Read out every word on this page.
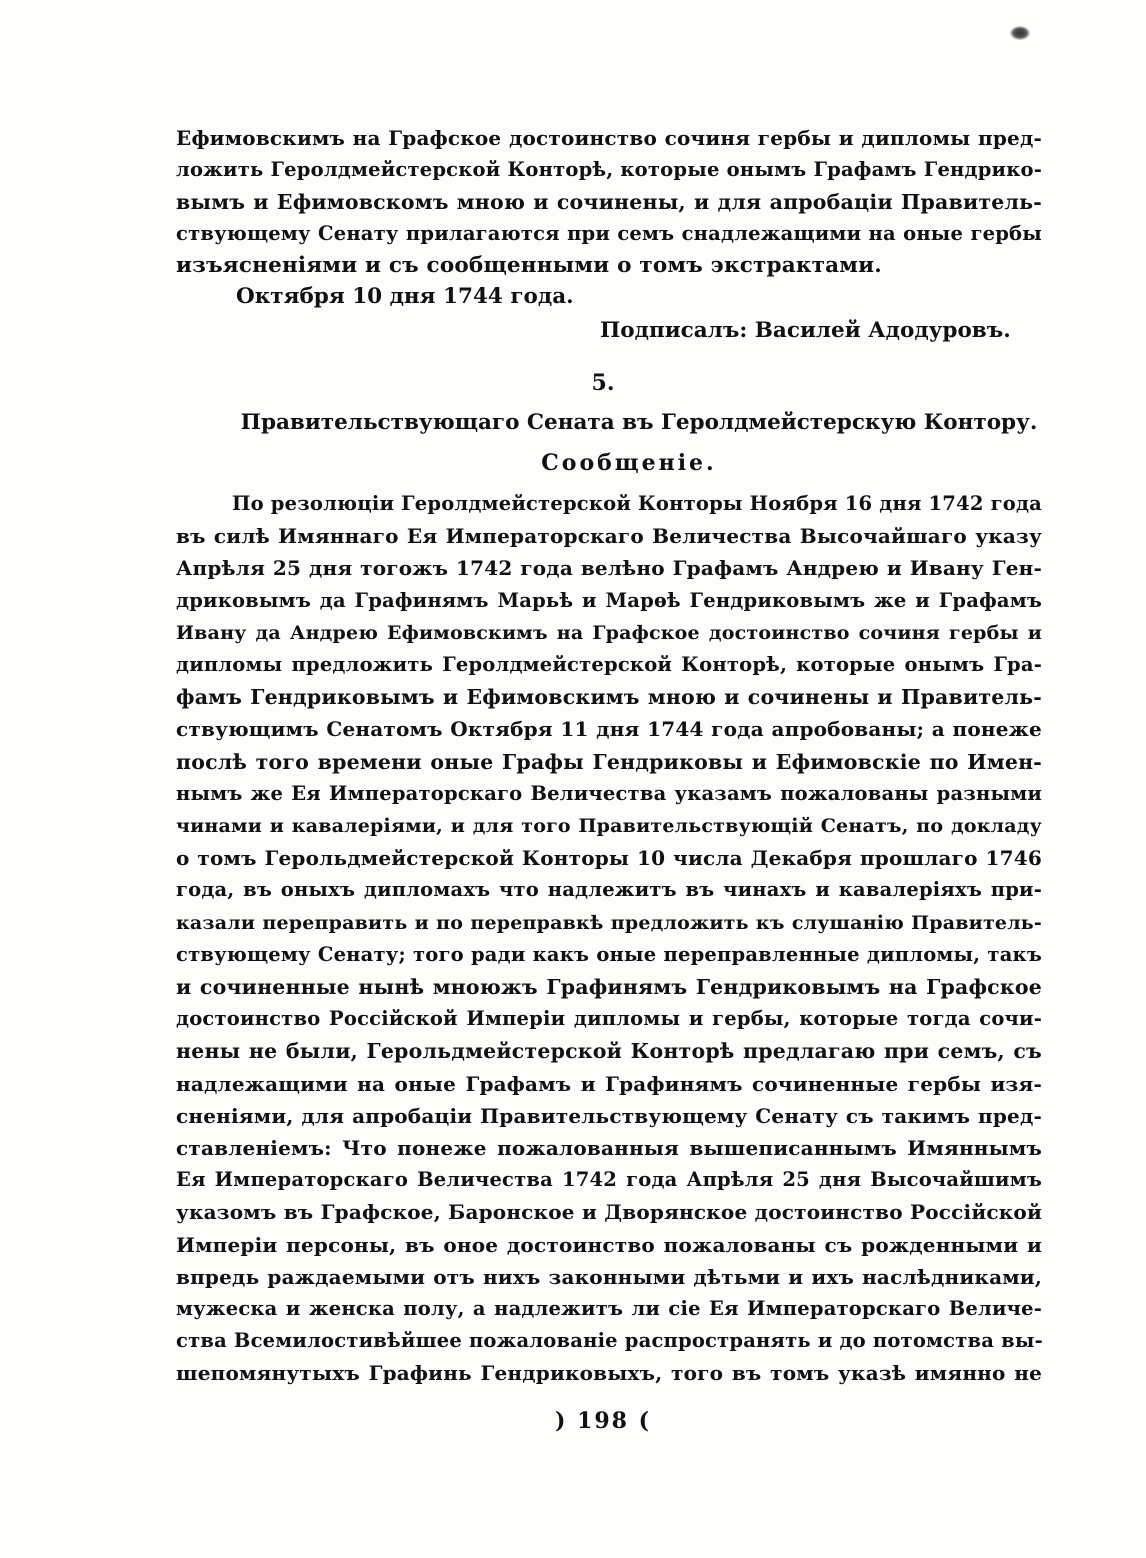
Ефимовскимъ на Графское достоинство сочиня гербы и дипломы пред-
ложить Геролдмейстерской Конторѣ, которые онымъ Графамъ Гендрико-
вымъ и Ефимовскомъ мною и сочинены, и для апробацiи Правитель-
ствующему Сенату прилагаются при семъ снадлежащими на оные гербы
изъясненiями и съ сообщенными о томъ экстрактами.
Октября 10 дня 1744 года.
Подписалъ: Василей Адодуровъ.
5.
Правительствующаго Сената въ Геролдмейстерскую Контору.
Сообщенiе.
По резолюцiи Геролдмейстерской Конторы Ноября 16 дня 1742 года
въ силѣ Имяннаго Ея Императорскаго Величества Высочайшаго указу
Апрѣля 25 дня тогожъ 1742 года велѣно Графамъ Андрею и Ивану Ген-
дриковымъ да Графинямъ Марьѣ и Марѳѣ Гендриковымъ же и Графамъ
Ивану да Андрею Ефимовскимъ на Графское достоинство сочиня гербы и
дипломы предложить Геролдмейстерской Конторѣ, которые онымъ Гра-
фамъ Гендриковымъ и Ефимовскимъ мною и сочинены и Правитель-
ствующимъ Сенатомъ Октября 11 дня 1744 года апробованы; а понеже
послѣ того времени оные Графы Гендриковы и Ефимовскiе по Имен-
нымъ же Ея Императорскаго Величества указамъ пожалованы разными
чинами и кавалерiями, и для того Правительствующiй Сенатъ, по докладу
о томъ Герольдмейстерской Конторы 10 числа Декабря прошлаго 1746
года, въ оныхъ дипломахъ что надлежитъ въ чинахъ и кавалерiяхъ при-
казали переправить и по переправкѣ предложить къ слушанiю Правитель-
ствующему Сенату; того ради какъ оные переправленные дипломы, такъ
и сочиненные нынѣ мноюжъ Графинямъ Гендриковымъ на Графское
достоинство Россiйской Имперiи дипломы и гербы, которые тогда сочи-
нены не были, Герольдмейстерской Конторѣ предлагаю при семъ, съ
надлежащими на оные Графамъ и Графинямъ сочиненные гербы изя-
сненiями, для апробацiи Правительствующему Сенату съ такимъ пред-
ставленiемъ: Что понеже пожалованныя вышеписаннымъ Имяннымъ
Ея Императорскаго Величества 1742 года Апрѣля 25 дня Высочайшимъ
указомъ въ Графское, Баронское и Дворянское достоинство Россiйской
Имперiи персоны, въ оное достоинство пожалованы съ рожденными и
впредь раждаемыми отъ нихъ законными дѣтьми и ихъ наслѣдниками,
мужеска и женска полу, а надлежитъ ли сiе Ея Императорскаго Величе-
ства Всемилостивѣйшее пожалованiе распространять и до потомства вы-
шепомянутыхъ Графинь Гендриковыхъ, того въ томъ указѣ имянно не
) 198 (
